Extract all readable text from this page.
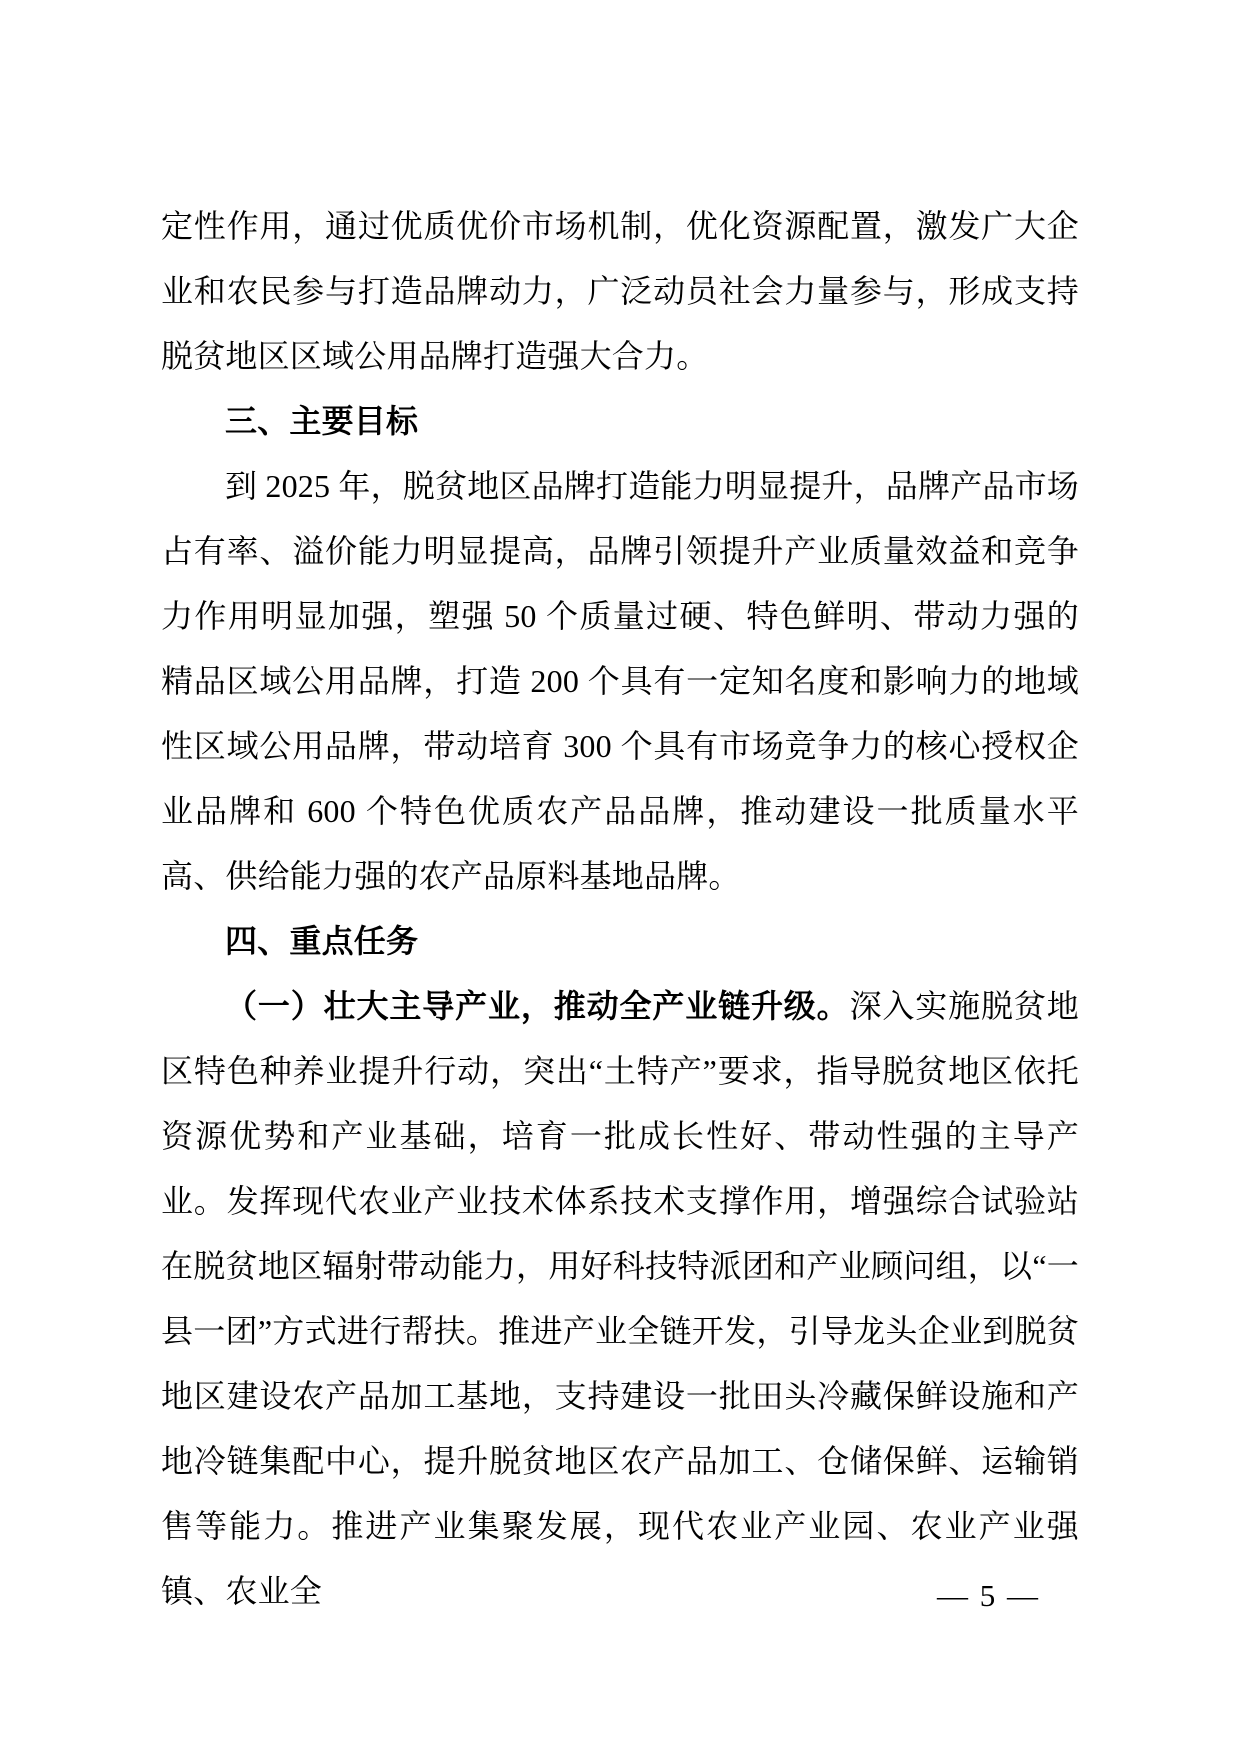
定性作用，通过优质优价市场机制，优化资源配置，激发广大企业和农民参与打造品牌动力，广泛动员社会力量参与，形成支持脱贫地区区域公用品牌打造强大合力。

三、主要目标

到 2025 年，脱贫地区品牌打造能力明显提升，品牌产品市场占有率、溢价能力明显提高，品牌引领提升产业质量效益和竞争力作用明显加强，塑强 50 个质量过硬、特色鲜明、带动力强的精品区域公用品牌，打造 200 个具有一定知名度和影响力的地域性区域公用品牌，带动培育 300 个具有市场竞争力的核心授权企业品牌和 600 个特色优质农产品品牌，推动建设一批质量水平高、供给能力强的农产品原料基地品牌。

四、重点任务

（一）壮大主导产业，推动全产业链升级。深入实施脱贫地区特色种养业提升行动，突出“土特产”要求，指导脱贫地区依托资源优势和产业基础，培育一批成长性好、带动性强的主导产业。发挥现代农业产业技术体系技术支撑作用，增强综合试验站在脱贫地区辐射带动能力，用好科技特派团和产业顾问组，以“一县一团”方式进行帮扶。推进产业全链开发，引导龙头企业到脱贫地区建设农产品加工基地，支持建设一批田头冷藏保鲜设施和产地冷链集配中心，提升脱贫地区农产品加工、仓储保鲜、运输销售等能力。推进产业集聚发展，现代农业产业园、农业产业强镇、农业全	— 5 —
